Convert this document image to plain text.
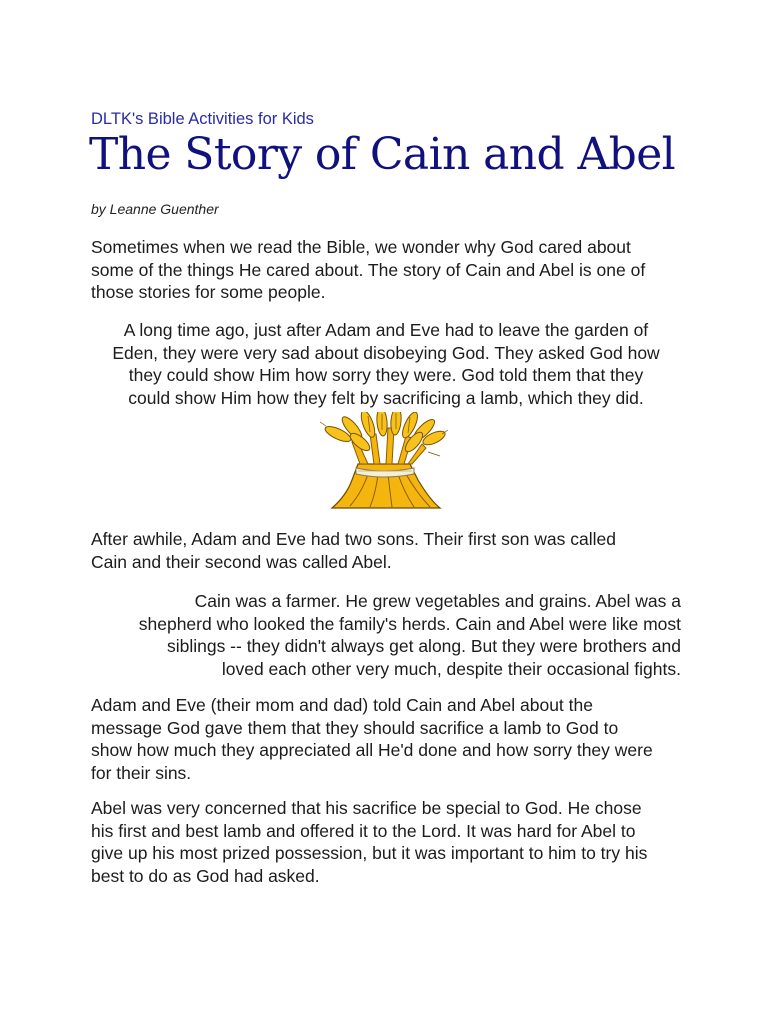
DLTK's Bible Activities for Kids
The Story of Cain and Abel
by Leanne Guenther

Sometimes when we read the Bible, we wonder why God cared about
some of the things He cared about. The story of Cain and Abel is one of
those stories for some people.

A long time ago, just after Adam and Eve had to leave the garden of
Eden, they were very sad about disobeying God. They asked God how
they could show Him how sorry they were. God told them that they
could show Him how they felt by sacrificing a lamb, which they did.

After awhile, Adam and Eve had two sons. Their first son was called
Cain and their second was called Abel.

Cain was a farmer. He grew vegetables and grains. Abel was a
shepherd who looked the family's herds. Cain and Abel were like most
siblings -- they didn't always get along. But they were brothers and
loved each other very much, despite their occasional fights.

Adam and Eve (their mom and dad) told Cain and Abel about the
message God gave them that they should sacrifice a lamb to God to
show how much they appreciated all He'd done and how sorry they were
for their sins.

Abel was very concerned that his sacrifice be special to God. He chose
his first and best lamb and offered it to the Lord. It was hard for Abel to
give up his most prized possession, but it was important to him to try his
best to do as God had asked.
